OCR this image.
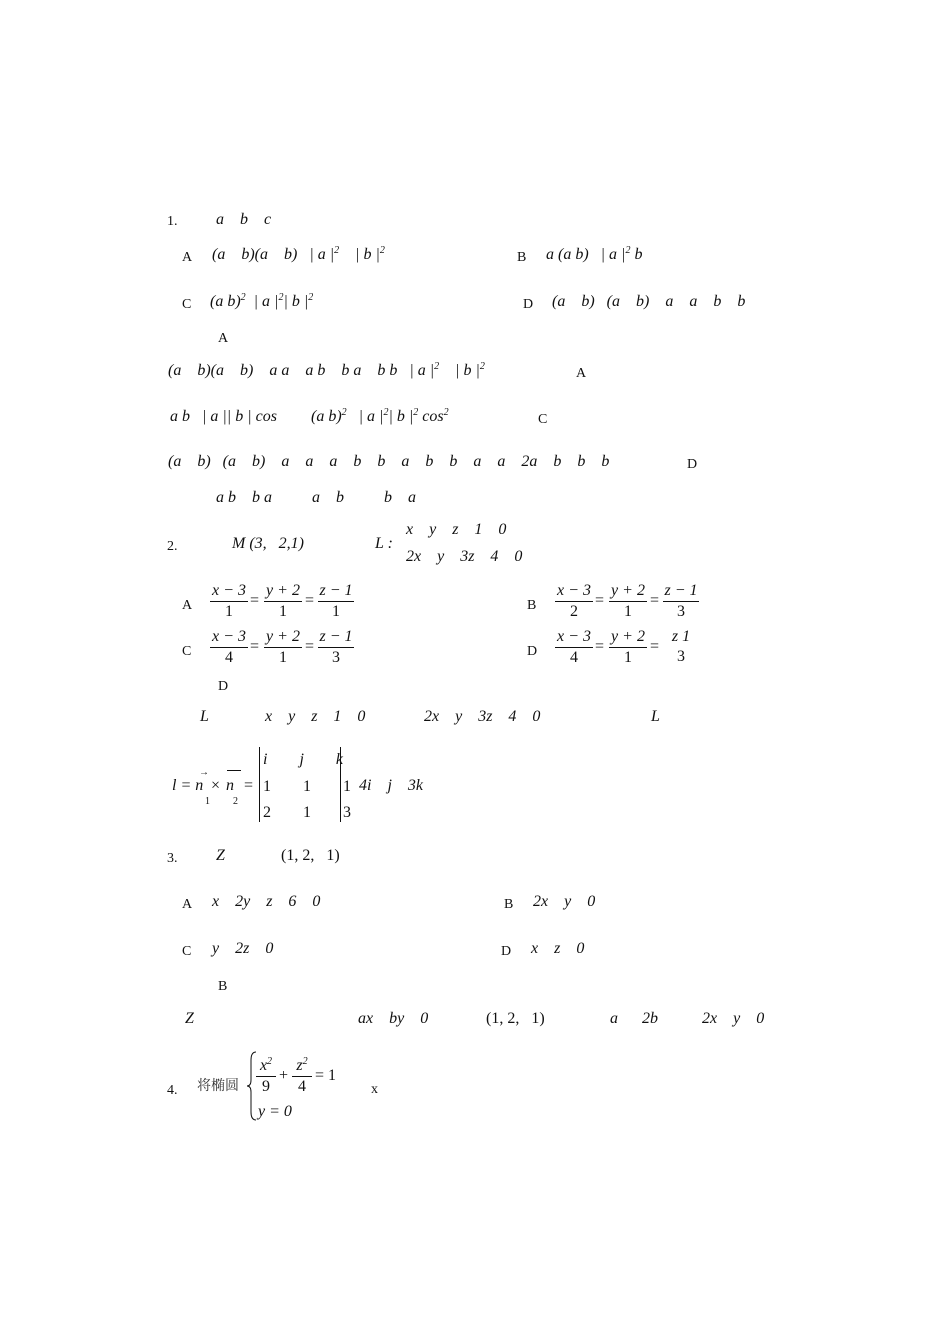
1. a    b    c
A (a    b)(a    b)   | a $|^2$    | b $|^2$	B a (a b)   | a $|^2$ b
C (a b)$^2$  | a $|^2|$ b $|^2$	D (a    b)   (a    b)    a    a    b    b
A
(a    b)(a    b)    a a    a b    b a    b b   | a $|^2$    | b $|^2$	A
a b   | a || b | cos (a b)$^2$   | a $|^2|$ b $|^2$ $\cos^2$	C
(a    b)   (a    b)    a    a    a    b    b    a    b    b    a    a    2a    b    b    b	D
a b    b a          a    b          b    a
2.	M (3,   2,1)	L :
x    y    z    1    0
2x    y    3z    4    0
A
x − 3
1
=
y + 2
1
=
z − 1
1	B
x − 3
2
=
y + 2
1
=
z − 1
3
C
x − 3
4
=
y + 2
1
=
z − 1
3	D
x − 3
4
=
y + 2
1
=
z 1
3
D
L	x    y    z    1    0	2x    y    3z    4    0	L
l = n
→
× n =
1 2
i        j        k
1        1        1
2        1        3
4i    j    3k
3. Z	(1, 2,   1)
A x    2y    z    6    0	B 2x    y    0
C y    2z    0	D x    z    0
B
Z	ax    by    0	(1, 2,   1)	a      2b	2x    y    0
4. 将椭圆
$x^2$
9
+
$z^2$
4
= 1
y = 0
x
